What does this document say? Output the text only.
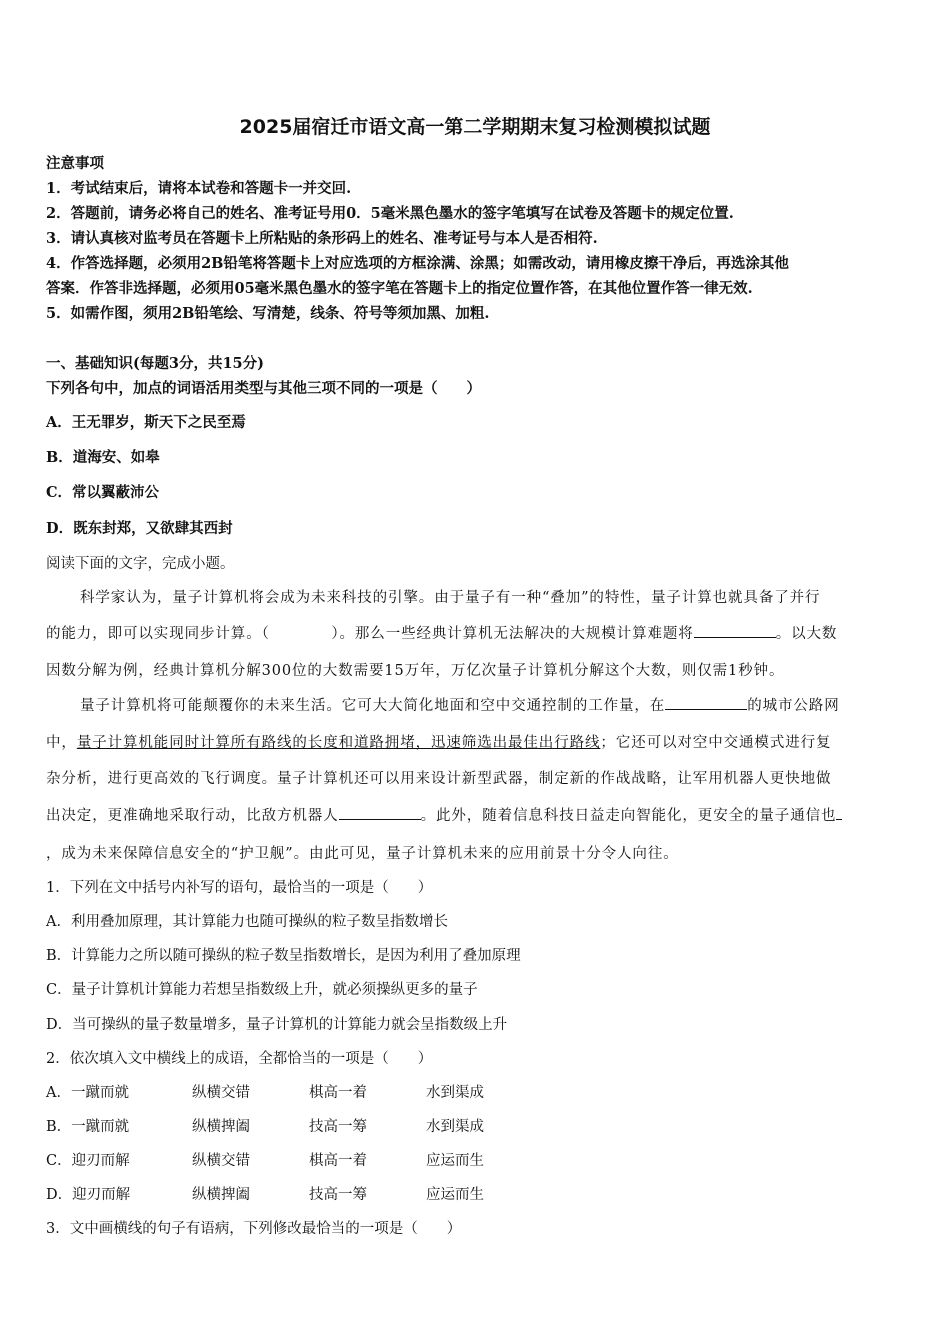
2025届宿迁市语文高一第二学期期末复习检测模拟试题
注意事项
1．考试结束后，请将本试卷和答题卡一并交回.
2．答题前，请务必将自己的姓名、准考证号用0．5毫米黑色墨水的签字笔填写在试卷及答题卡的规定位置.
3．请认真核对监考员在答题卡上所粘贴的条形码上的姓名、准考证号与本人是否相符.
4．作答选择题，必须用2B铅笔将答题卡上对应选项的方框涂满、涂黑；如需改动，请用橡皮擦干净后，再选涂其他
答案．作答非选择题，必须用05毫米黑色墨水的签字笔在答题卡上的指定位置作答，在其他位置作答一律无效.
5．如需作图，须用2B铅笔绘、写清楚，线条、符号等须加黑、加粗.
一、基础知识(每题3分，共15分)
下列各句中，加点的词语活用类型与其他三项不同的一项是（　　）
A．王无罪岁，斯天下之民至焉
B．道海安、如皋
C．常以翼蔽沛公
D．既东封郑，又欲肆其西封
阅读下面的文字，完成小题。
科学家认为，量子计算机将会成为未来科技的引擎。由于量子有一种“叠加”的特性，量子计算也就具备了并行
的能力，即可以实现同步计算。（　　　　）。那么一些经典计算机无法解决的大规模计算难题将	。以大数
因数分解为例，经典计算机分解300位的大数需要15万年，万亿次量子计算机分解这个大数，则仅需1秒钟。
量子计算机将可能颠覆你的未来生活。它可大大简化地面和空中交通控制的工作量，在	的城市公路网
中，量子计算机能同时计算所有路线的长度和道路拥堵，迅速筛选出最佳出行路线；它还可以对空中交通模式进行复
杂分析，进行更高效的飞行调度。量子计算机还可以用来设计新型武器，制定新的作战战略，让军用机器人更快地做
出决定，更准确地采取行动，比敌方机器人	。此外，随着信息科技日益走向智能化，更安全的量子通信也
，成为未来保障信息安全的“护卫舰”。由此可见，量子计算机未来的应用前景十分令人向往。
1．下列在文中括号内补写的语句，最恰当的一项是（　　）
A．利用叠加原理，其计算能力也随可操纵的粒子数呈指数增长
B．计算能力之所以随可操纵的粒子数呈指数增长，是因为利用了叠加原理
C．量子计算机计算能力若想呈指数级上升，就必须操纵更多的量子
D．当可操纵的量子数量增多，量子计算机的计算能力就会呈指数级上升
2．依次填入文中横线上的成语，全都恰当的一项是（　　）
A．一蹴而就	纵横交错	棋高一着	水到渠成
B．一蹴而就	纵横捭阖	技高一筹	水到渠成
C．迎刃而解	纵横交错	棋高一着	应运而生
D．迎刃而解	纵横捭阖	技高一筹	应运而生
3．文中画横线的句子有语病，下列修改最恰当的一项是（　　）
